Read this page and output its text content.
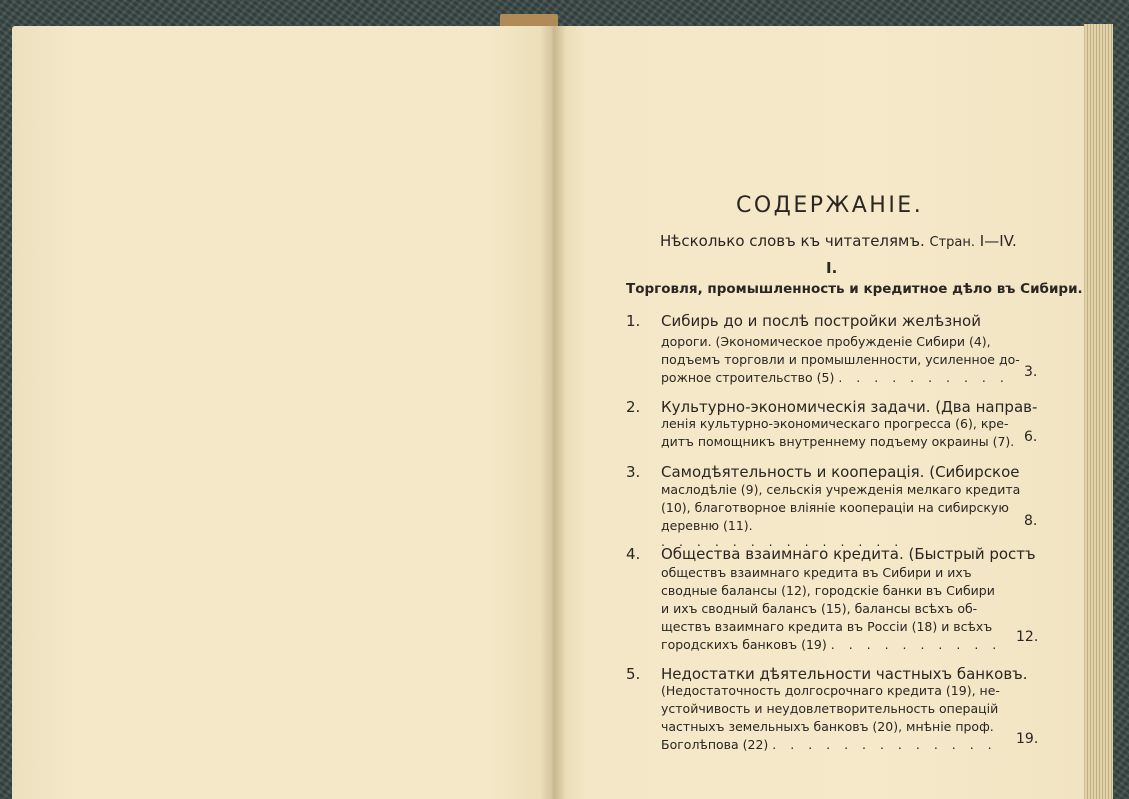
СОДЕРЖАНIЕ.
Нѣсколько словъ къ читателямъ. Стран. I—IV.
I.
Торговля, промышленность и кредитное дѣло въ Сибири.
1. Сибирь до и послѣ постройки желѣзной
дороги. (Экономическое пробужденiе Сибири (4),
подъемъ торговли и промышленности, усиленное до-
рожное строительство (5) . . . . . . . . . . 3.
2. Культурно-экономическiя задачи. (Два направ-
ленiя культурно-экономическаго прогресса (6), кре-
дитъ помощникъ внутреннему подъему окраины (7). 6.
3. Самодѣятельность и кооперацiя. (Сибирское
маслодѣлiе (9), сельскiя учрежденiя мелкаго кредита
(10), благотворное влiянiе коопераціи на сибирскую
деревню (11).
. . . . . . . . . . . . . .
8.
4. Общества взаимнаго кредита. (Быстрый ростъ
обществъ взаимнаго кредита въ Сибири и ихъ
сводные балансы (12), городскiе банки въ Сибири
и ихъ сводный балансъ (15), балансы всѣхъ об-
ществъ взаимнаго кредита въ Россiи (18) и всѣхъ
городскихъ банковъ (19) . . . . . . . . . . 12.
5. Недостатки дѣятельности частныхъ банковъ.
(Недостаточность долгосрочнаго кредита (19), не-
устойчивость и неудовлетворительность операцiй
частныхъ земельныхъ банковъ (20), мнѣнiе проф.
Боголѣпова (22) . . . . . . . . . . . . . 19.
